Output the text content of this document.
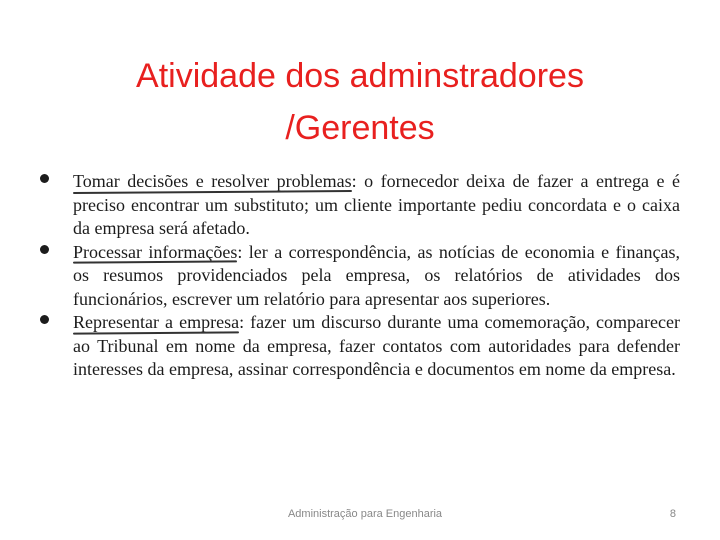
Atividade dos adminstradores /Gerentes
Tomar decisões e resolver problemas: o fornecedor deixa de fazer a entrega e é preciso encontrar um substituto; um cliente importante pediu concordata e o caixa da empresa será afetado.
Processar informações: ler a correspondência, as notícias de economia e finanças, os resumos providenciados pela empresa, os relatórios de atividades dos funcionários, escrever um relatório para apresentar aos superiores.
Representar a empresa: fazer um discurso durante uma comemoração, comparecer ao Tribunal em nome da empresa, fazer contatos com autoridades para defender interesses da empresa, assinar correspondência e documentos em nome da empresa.
Administração para Engenharia	8
